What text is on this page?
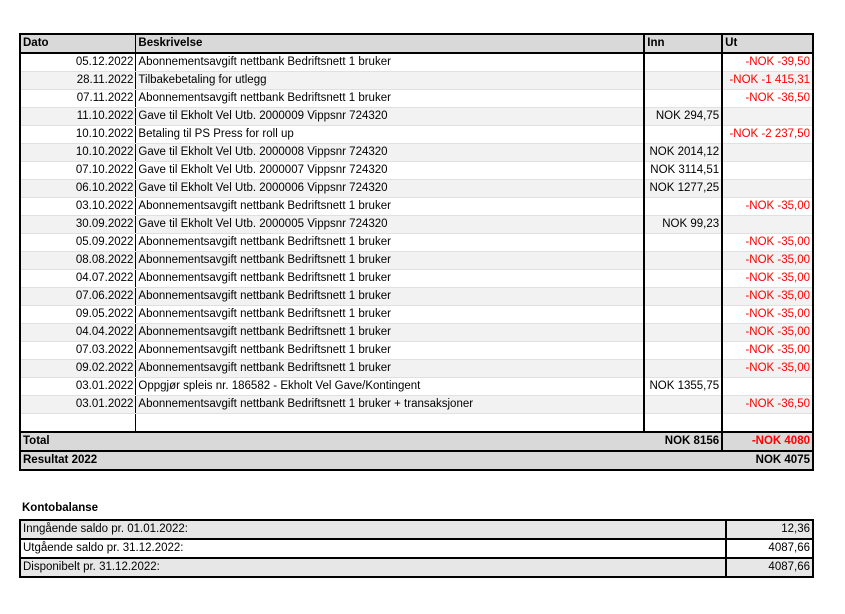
Dato	Beskrivelse	Inn	Ut
05.12.2022	Abonnementsavgift nettbank Bedriftsnett 1 bruker		-NOK -39,50
28.11.2022	Tilbakebetaling for utlegg		-NOK -1 415,31
07.11.2022	Abonnementsavgift nettbank Bedriftsnett 1 bruker		-NOK -36,50
11.10.2022	Gave til Ekholt Vel Utb. 2000009 Vippsnr 724320	NOK 294,75	
10.10.2022	Betaling til PS Press for roll up		-NOK -2 237,50
10.10.2022	Gave til Ekholt Vel Utb. 2000008 Vippsnr 724320	NOK 2014,12	
07.10.2022	Gave til Ekholt Vel Utb. 2000007 Vippsnr 724320	NOK 3114,51	
06.10.2022	Gave til Ekholt Vel Utb. 2000006 Vippsnr 724320	NOK 1277,25	
03.10.2022	Abonnementsavgift nettbank Bedriftsnett 1 bruker		-NOK -35,00
30.09.2022	Gave til Ekholt Vel Utb. 2000005 Vippsnr 724320	NOK 99,23	
05.09.2022	Abonnementsavgift nettbank Bedriftsnett 1 bruker		-NOK -35,00
08.08.2022	Abonnementsavgift nettbank Bedriftsnett 1 bruker		-NOK -35,00
04.07.2022	Abonnementsavgift nettbank Bedriftsnett 1 bruker		-NOK -35,00
07.06.2022	Abonnementsavgift nettbank Bedriftsnett 1 bruker		-NOK -35,00
09.05.2022	Abonnementsavgift nettbank Bedriftsnett 1 bruker		-NOK -35,00
04.04.2022	Abonnementsavgift nettbank Bedriftsnett 1 bruker		-NOK -35,00
07.03.2022	Abonnementsavgift nettbank Bedriftsnett 1 bruker		-NOK -35,00
09.02.2022	Abonnementsavgift nettbank Bedriftsnett 1 bruker		-NOK -35,00
03.01.2022	Oppgjør spleis nr. 186582 - Ekholt Vel Gave/Kontingent	NOK 1355,75	
03.01.2022	Abonnementsavgift nettbank Bedriftsnett 1 bruker + transaksjoner		-NOK -36,50

Total		NOK 8156	-NOK 4080
Resultat 2022			NOK 4075
Kontobalanse
Inngående saldo pr. 01.01.2022:	12,36
Utgående saldo pr. 31.12.2022:	4087,66
Disponibelt pr. 31.12.2022:	4087,66
